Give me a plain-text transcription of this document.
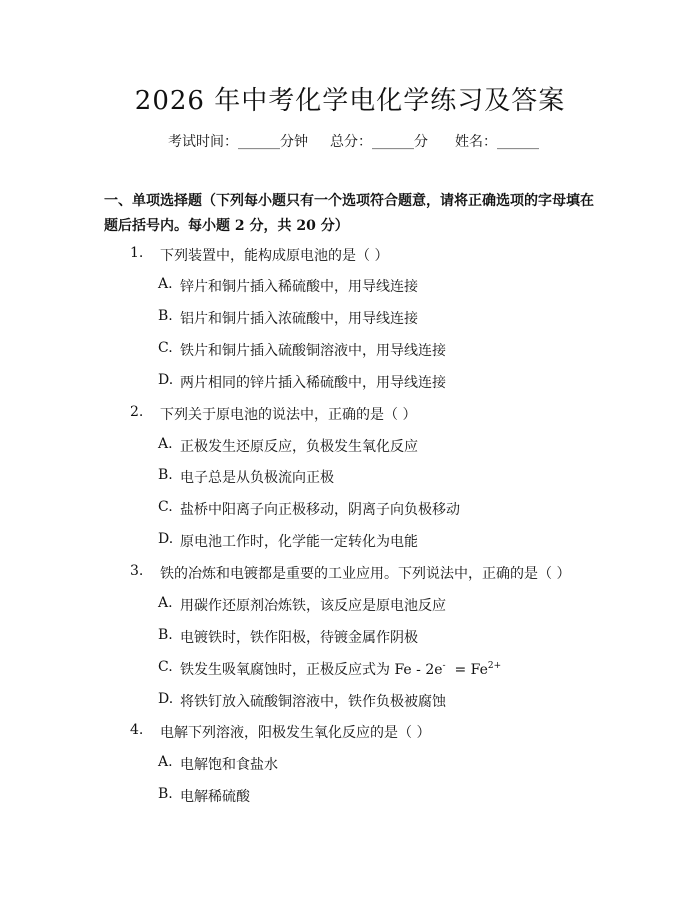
2026 年中考化学电化学练习及答案
考试时间：______分钟 总分：______分 姓名：______
一、单项选择题（下列每小题只有一个选项符合题意，请将正确选项的字母填在题后括号内。每小题 2 分，共 20 分）
1. 下列装置中，能构成原电池的是（ ）
A. 锌片和铜片插入稀硫酸中，用导线连接
B. 铝片和铜片插入浓硫酸中，用导线连接
C. 铁片和铜片插入硫酸铜溶液中，用导线连接
D. 两片相同的锌片插入稀硫酸中，用导线连接
2. 下列关于原电池的说法中，正确的是（ ）
A. 正极发生还原反应，负极发生氧化反应
B. 电子总是从负极流向正极
C. 盐桥中阳离子向正极移动，阴离子向负极移动
D. 原电池工作时，化学能一定转化为电能
3. 铁的冶炼和电镀都是重要的工业应用。下列说法中，正确的是（ ）
A. 用碳作还原剂冶炼铁，该反应是原电池反应
B. 电镀铁时，铁作阳极，待镀金属作阴极
C. 铁发生吸氧腐蚀时，正极反应式为 $Fe - 2e^- = Fe^{2+}$
D. 将铁钉放入硫酸铜溶液中，铁作负极被腐蚀
4. 电解下列溶液，阳极发生氧化反应的是（ ）
A. 电解饱和食盐水
B. 电解稀硫酸
